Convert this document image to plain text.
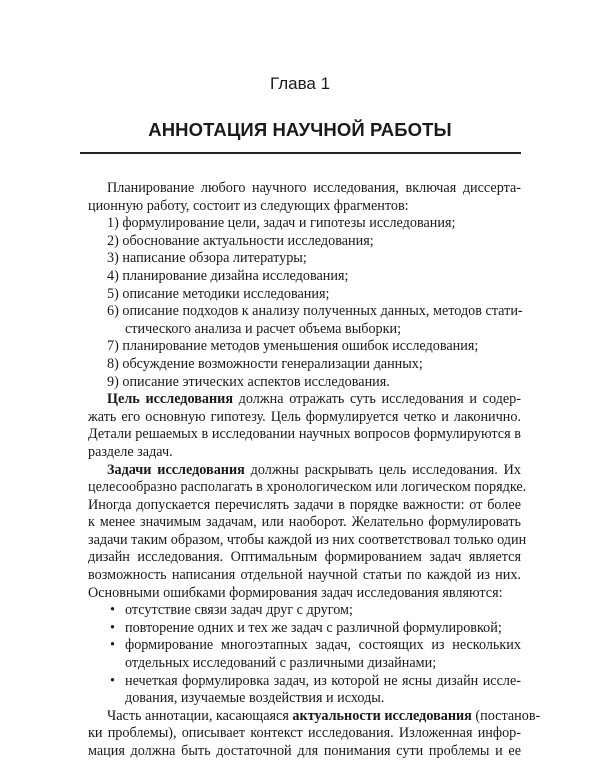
Глава 1
АННОТАЦИЯ НАУЧНОЙ РАБОТЫ
Планирование любого научного исследования, включая диссерта-
ционную работу, состоит из следующих фрагментов:
1) формулирование цели, задач и гипотезы исследования;
2) обоснование актуальности исследования;
3) написание обзора литературы;
4) планирование дизайна исследования;
5) описание методики исследования;
6) описание подходов к анализу полученных данных, методов стати-
стического анализа и расчет объема выборки;
7) планирование методов уменьшения ошибок исследования;
8) обсуждение возможности генерализации данных;
9) описание этических аспектов исследования.
Цель исследования должна отражать суть исследования и содер-
жать его основную гипотезу. Цель формулируется четко и лаконично.
Детали решаемых в исследовании научных вопросов формулируются в
разделе задач.
Задачи исследования должны раскрывать цель исследования. Их
целесообразно располагать в хронологическом или логическом порядке.
Иногда допускается перечислять задачи в порядке важности: от более
к менее значимым задачам, или наоборот. Желательно формулировать
задачи таким образом, чтобы каждой из них соответствовал только один
дизайн исследования. Оптимальным формированием задач является
возможность написания отдельной научной статьи по каждой из них.
Основными ошибками формирования задач исследования являются:
• отсутствие связи задач друг с другом;
• повторение одних и тех же задач с различной формулировкой;
• формирование многоэтапных задач, состоящих из нескольких
отдельных исследований с различными дизайнами;
• нечеткая формулировка задач, из которой не ясны дизайн иссле-
дования, изучаемые воздействия и исходы.
Часть аннотации, касающаяся актуальности исследования (постанов-
ки проблемы), описывает контекст исследования. Изложенная инфор-
мация должна быть достаточной для понимания сути проблемы и ее
